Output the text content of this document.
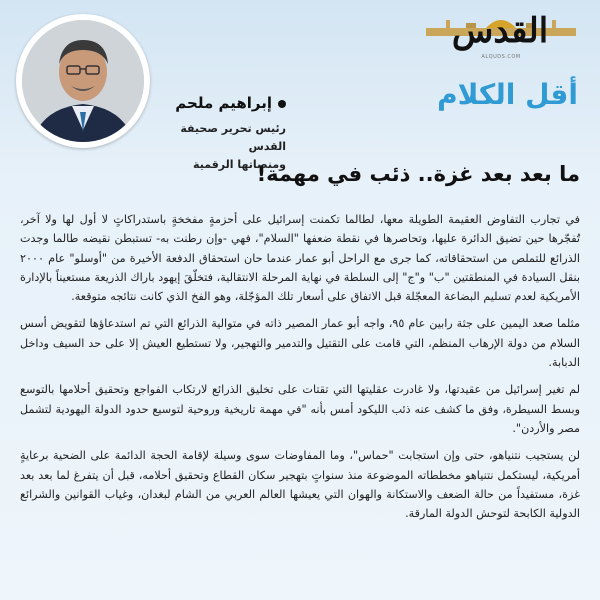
القدس
ALQUDS.COM
أقل الكلام
إبراهيم ملحم
رئيس تحرير صحيفة القدس
ومنصاتها الرقمية
ما بعد بعد غزة.. ذئب في مهمة!

في تجارب التفاوض العقيمة الطويلة معها، لطالما تكمنت إسرائيل على أحزمةٍ مفخخةٍ باستدراكاتٍ لا أول لها ولا آخر، تُفجّرها حين تضيق الدائرة عليها، وتحاصرها في نقطة ضعفها "السلام"، فهي -وإن رطنت به- تستبطن نقيضه طالما وجدت الذرائع للتملص من استحقاقاته، كما جرى مع الراحل أبو عمار عندما حان استحقاق الدفعة الأخيرة من "أوسلو" عام ٢٠٠٠ بنقل السيادة في المنطقتين "ب" و"ج" إلى السلطة في نهاية المرحلة الانتقالية، فتخلّقَ إيهود باراك الذريعة مستعيناً بالإدارة الأمريكية لعدم تسليم البضاعة المعجّلة قبل الاتفاق على أسعار تلك المؤجّلة، وهو الفخ الذي كانت نتائجه متوقعة.

مثلما صعد اليمين على جثة رابين عام ٩٥، واجه أبو عمار المصير ذاته في متوالية الذرائع التي تم استدعاؤها لتقويض أسس السلام من دولة الإرهاب المنظم، التي قامت على التقتيل والتدمير والتهجير، ولا تستطيع العيش إلا على حد السيف وداخل الدبابة.

لم تغير إسرائيل من عقيدتها، ولا غادرت عقليتها التي تقتات على تخليق الذرائع لارتكاب الفواجع وتحقيق أحلامها بالتوسع وبسط السيطرة، وفق ما كشف عنه ذئب الليكود أمس بأنه "في مهمة تاريخية وروحية لتوسيع حدود الدولة اليهودية لتشمل مصر والأردن".

لن يستجيب نتنياهو، حتى وإن استجابت "حماس"، وما المفاوضات سوى وسيلة لإقامة الحجة الدائمة على الضحية برعايةٍ أمريكية، ليستكمل نتنياهو مخططاته الموضوعة منذ سنواتٍ بتهجير سكان القطاع وتحقيق أحلامه، قبل أن يتفرغ لما بعد بعد غزة، مستفيداً من حالة الضعف والاستكانة والهوان التي يعيشها العالم العربي من الشام لبغدان، وغياب القوانين والشرائع الدولية الكابحة لتوحش الدولة المارقة.
